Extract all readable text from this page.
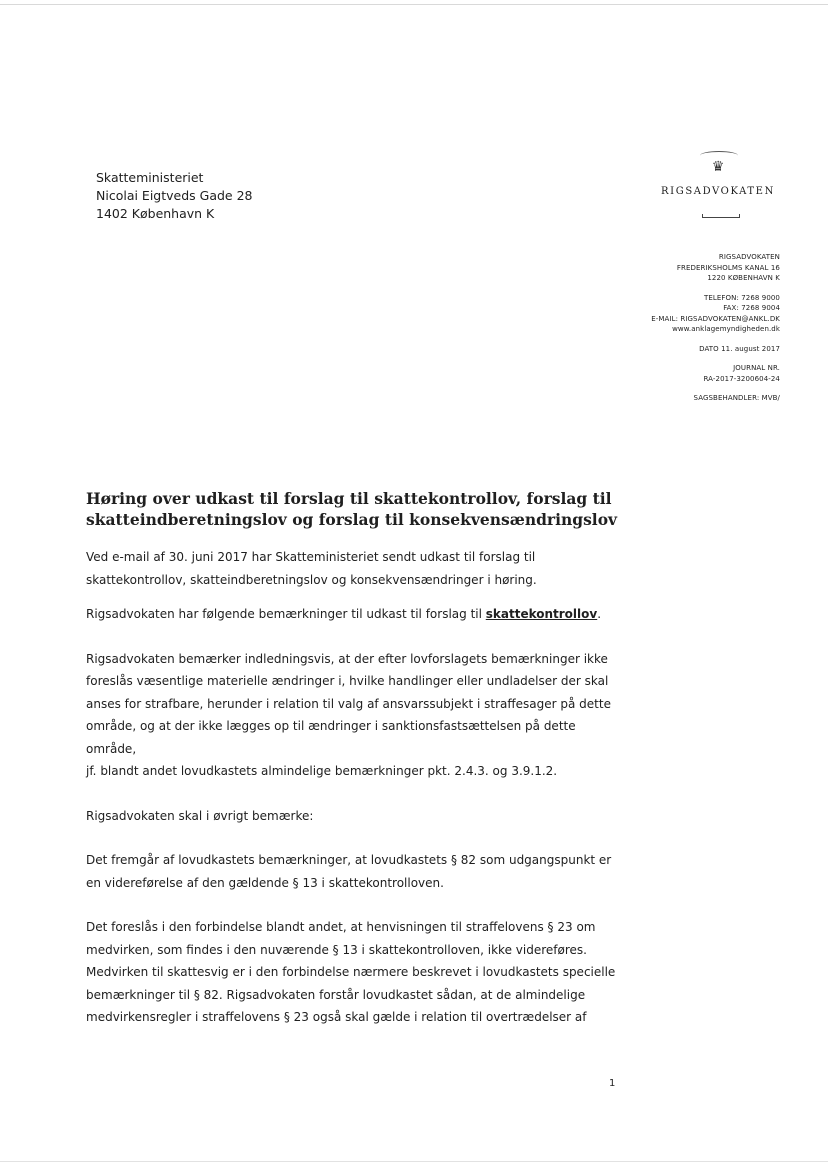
Skatteministeriet
Nicolai Eigtveds Gade 28
1402 København K
♛
RIGSADVOKATEN
RIGSADVOKATEN
FREDERIKSHOLMS KANAL 16
1220 KØBENHAVN K
TELEFON: 7268 9000
FAX: 7268 9004
E-MAIL: RIGSADVOKATEN@ANKL.DK
www.anklagemyndigheden.dk
DATO 11. august 2017
JOURNAL NR.
RA-2017-3200604-24
SAGSBEHANDLER: MVB/
Høring over udkast til forslag til skattekontrollov, forslag til
skatteindberetningslov og forslag til konsekvensændringslov

Ved e-mail af 30. juni 2017 har Skatteministeriet sendt udkast til forslag til
skattekontrollov, skatteindberetningslov og konsekvensændringer i høring.

Rigsadvokaten har følgende bemærkninger til udkast til forslag til skattekontrollov.

Rigsadvokaten bemærker indledningsvis, at der efter lovforslagets bemærkninger ikke
foreslås væsentlige materielle ændringer i, hvilke handlinger eller undladelser der skal
anses for strafbare, herunder i relation til valg af ansvarssubjekt i straffesager på dette
område, og at der ikke lægges op til ændringer i sanktionsfastsættelsen på dette område,
jf. blandt andet lovudkastets almindelige bemærkninger pkt. 2.4.3. og 3.9.1.2.

Rigsadvokaten skal i øvrigt bemærke:

Det fremgår af lovudkastets bemærkninger, at lovudkastets § 82 som udgangspunkt er
en videreførelse af den gældende § 13 i skattekontrolloven.

Det foreslås i den forbindelse blandt andet, at henvisningen til straffelovens § 23 om
medvirken, som findes i den nuværende § 13 i skattekontrolloven, ikke videreføres.
Medvirken til skattesvig er i den forbindelse nærmere beskrevet i lovudkastets specielle
bemærkninger til § 82. Rigsadvokaten forstår lovudkastet sådan, at de almindelige
medvirkensregler i straffelovens § 23 også skal gælde i relation til overtrædelser af

1
